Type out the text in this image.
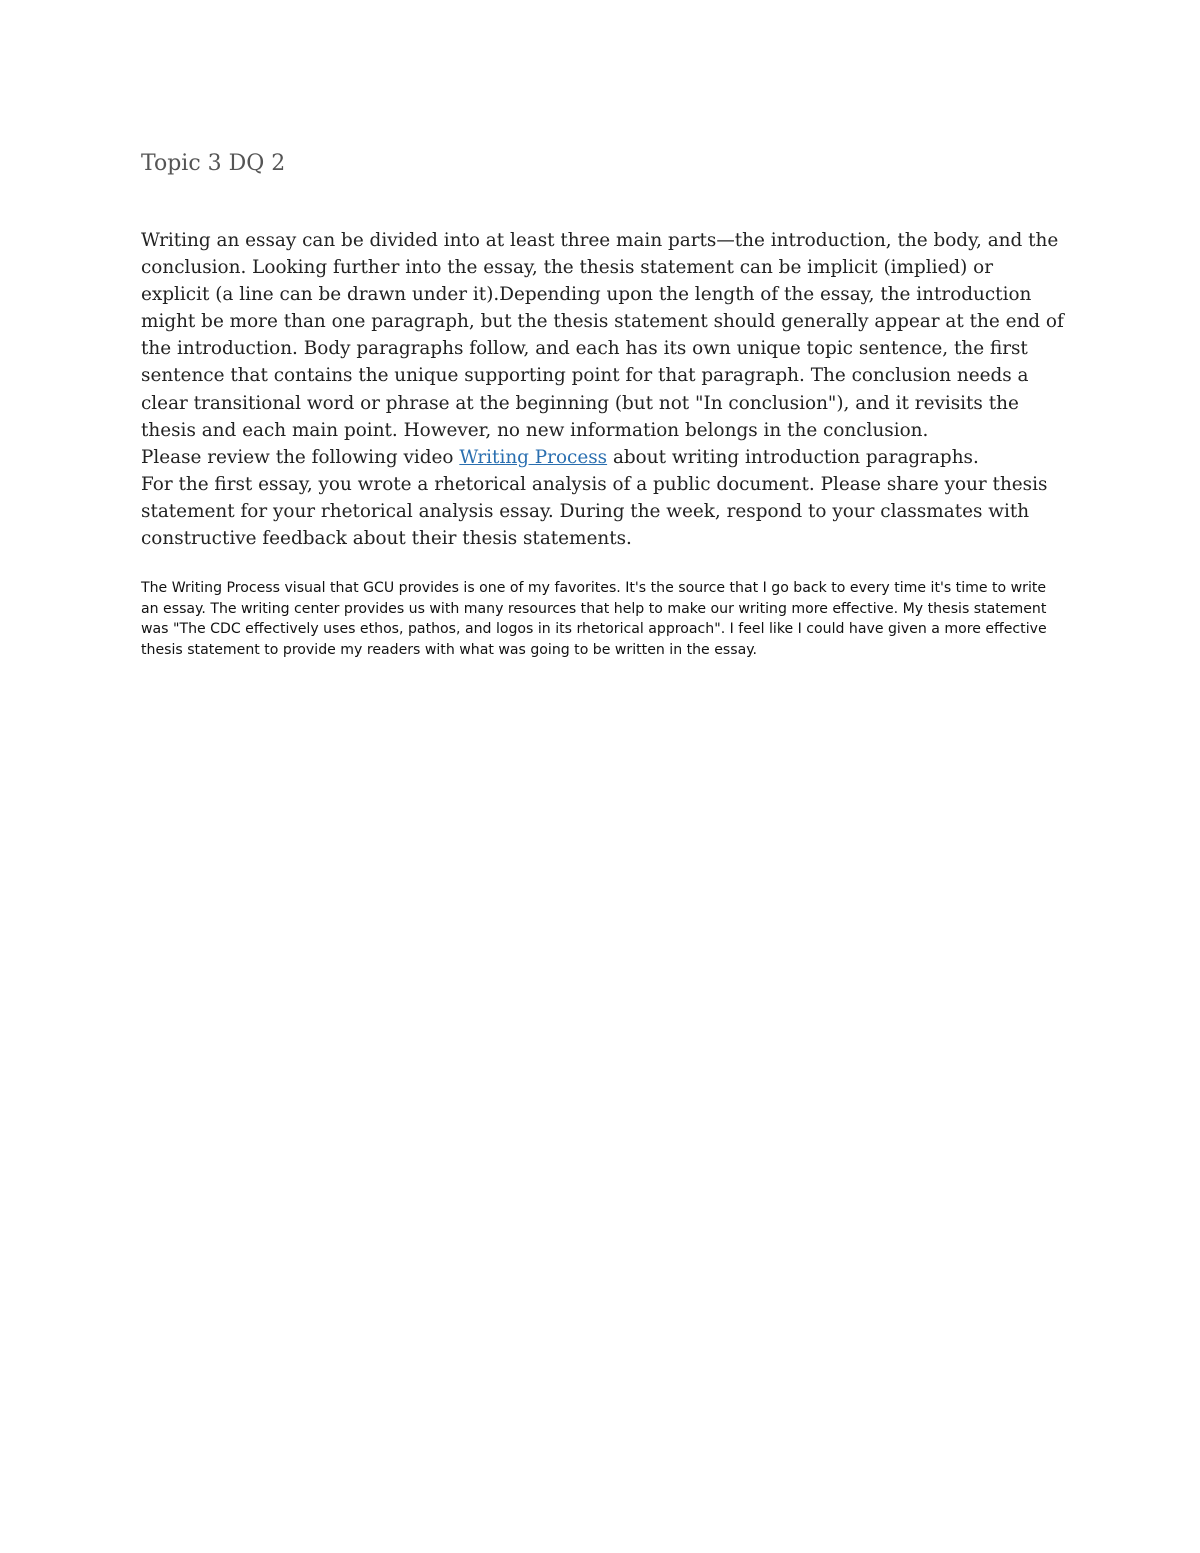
Topic 3 DQ 2

Writing an essay can be divided into at least three main parts—the introduction, the body, and the conclusion. Looking further into the essay, the thesis statement can be implicit (implied) or explicit (a line can be drawn under it).Depending upon the length of the essay, the introduction might be more than one paragraph, but the thesis statement should generally appear at the end of the introduction. Body paragraphs follow, and each has its own unique topic sentence, the first sentence that contains the unique supporting point for that paragraph. The conclusion needs a clear transitional word or phrase at the beginning (but not "In conclusion"), and it revisits the thesis and each main point. However, no new information belongs in the conclusion.

Please review the following video Writing Process about writing introduction paragraphs.

For the first essay, you wrote a rhetorical analysis of a public document. Please share your thesis statement for your rhetorical analysis essay. During the week, respond to your classmates with constructive feedback about their thesis statements.

The Writing Process visual that GCU provides is one of my favorites. It's the source that I go back to every time it's time to write an essay. The writing center provides us with many resources that help to make our writing more effective. My thesis statement was "The CDC effectively uses ethos, pathos, and logos in its rhetorical approach". I feel like I could have given a more effective thesis statement to provide my readers with what was going to be written in the essay.
